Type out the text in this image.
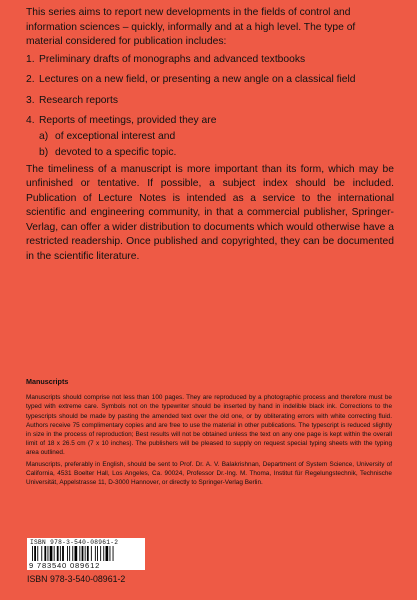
This series aims to report new developments in the fields of control and information sciences – quickly, informally and at a high level. The type of material considered for publication includes:

1. Preliminary drafts of monographs and advanced textbooks
2. Lectures on a new field, or presenting a new angle on a classical field
3. Research reports
4. Reports of meetings, provided they are
a) of exceptional interest and
b) devoted to a specific topic.

The timeliness of a manuscript is more important than its form, which may be unfinished or tentative. If possible, a subject index should be included. Publication of Lecture Notes is intended as a service to the international scientific and engineering community, in that a commercial publisher, Springer-Verlag, can offer a wider distribution to documents which would otherwise have a restricted readership. Once published and copyrighted, they can be documented in the scientific literature.

Manuscripts

Manuscripts should comprise not less than 100 pages. They are reproduced by a photographic process and therefore must be typed with extreme care. Symbols not on the typewriter should be inserted by hand in indelible black ink. Corrections to the typescripts should be made by pasting the amended text over the old one, or by obliterating errors with white correcting fluid. Authors receive 75 complimentary copies and are free to use the material in other publications. The typescript is reduced slightly in size in the process of reproduction; Best results will not be obtained unless the text on any one page is kept within the overall limit of 18 x 26.5 cm (7 x 10 inches). The publishers will be pleased to supply on request special typing sheets with the typing area outlined.

Manuscripts, preferably in English, should be sent to Prof. Dr. A. V. Balakrishnan, Department of System Science, University of California, 4531 Boelter Hall, Los Angeles, Ca. 90024, Professor Dr.-Ing. M. Thoma, Institut für Regelungstechnik, Technische Universität, Appelstrasse 11, D-3000 Hannover, or directly to Springer-Verlag Berlin.

ISBN 978-3-540-08961-2
9 783540 089612
ISBN 978-3-540-08961-2
